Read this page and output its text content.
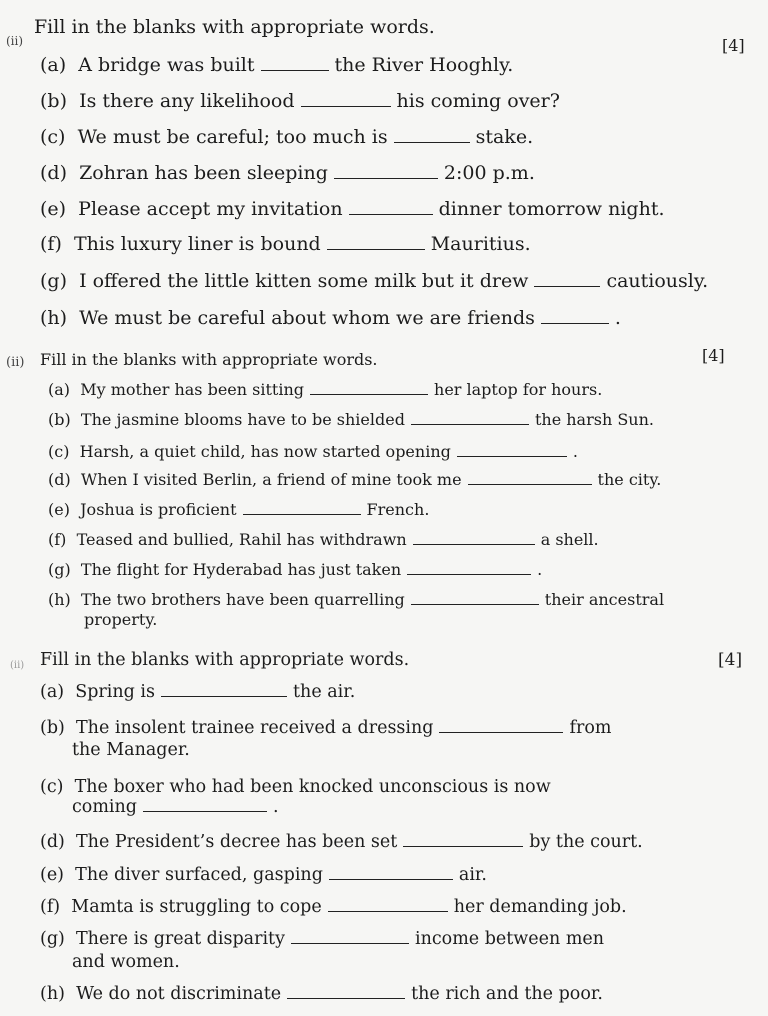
(ii)
Fill in the blanks with appropriate words.
[4]
(a)  A bridge was built	the River Hooghly.
(b)  Is there any likelihood	his coming over?
(c)  We must be careful; too much is	stake.
(d)  Zohran has been sleeping	2:00 p.m.
(e)  Please accept my invitation	dinner tomorrow night.
(f)  This luxury liner is bound	Mauritius.
(g)  I offered the little kitten some milk but it drew	cautiously.
(h)  We must be careful about whom we are friends	.
(ii) Fill in the blanks with appropriate words.	[4]
(a)  My mother has been sitting	her laptop for hours.
(b)  The jasmine blooms have to be shielded	the harsh Sun.
(c)  Harsh, a quiet child, has now started opening	.
(d)  When I visited Berlin, a friend of mine took me	the city.
(e)  Joshua is proficient	French.
(f)  Teased and bullied, Rahil has withdrawn	a shell.
(g)  The flight for Hyderabad has just taken	.
(h)  The two brothers have been quarrelling	their ancestral
property.
(ii) Fill in the blanks with appropriate words.	[4]
(a)  Spring is	the air.
(b)  The insolent trainee received a dressing	from
the Manager.
(c)  The boxer who had been knocked unconscious is now
coming	.
(d)  The President’s decree has been set	by the court.
(e)  The diver surfaced, gasping	air.
(f)  Mamta is struggling to cope	her demanding job.
(g)  There is great disparity	income between men
and women.
(h)  We do not discriminate	the rich and the poor.
